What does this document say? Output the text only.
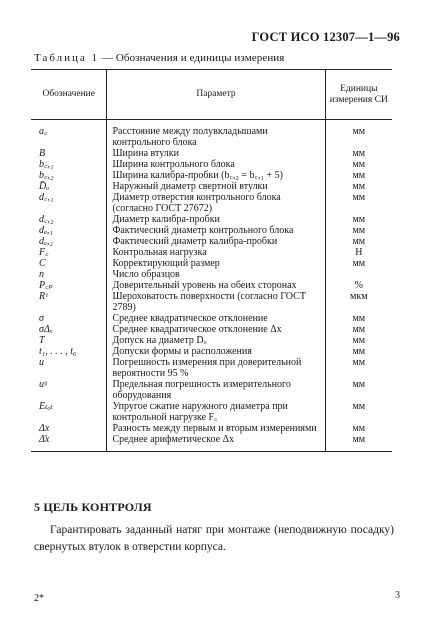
ГОСТ ИСО 12307—1—96
Таблица 1 — Обозначения и единицы измерения
Обозначение	Параметр	Единицы измерения СИ
a꜀	Расстояние между полувкладышами контрольного блока	мм
B	Ширина втулки	мм
b꜀,₁	Ширина контрольного блока	мм
b꜀,₂	Ширина калибра-пробки (b꜀,₂ = b꜀,₁ + 5)	мм
D̄ₒ	Наружный диаметр свертной втулки	мм
d꜀,₁	Диаметр отверстия контрольного блока (согласно ГОСТ 27672)	мм
d꜀,₂	Диаметр калибра-пробки	мм
dₐ,₁	Фактический диаметр контрольного блока	мм
dₐ,₂	Фактический диаметр калибра-пробки	мм
F꜀	Контрольная нагрузка	Н
C	Корректирующий размер	мм
n	Число образцов	
P꜀ₚ	Доверительный уровень на обеих сторонах	%
Rᶻ	Шероховатость поверхности (согласно ГОСТ 2789)	мкм
σ	Среднее квадратическое отклонение	мм
σΔₓ	Среднее квадратическое отклонение Δx	мм
T	Допуск на диаметр Dₒ	мм
t₁, . . . , t₆	Допуски формы и расположения	мм
u	Погрешность измерения при доверительной вероятности 95 %	мм
uᵍ	Предельная погрешность измерительного оборудования	мм
Eₜₒₜ	Упругое сжатие наружного диаметра при контрольной нагрузке F꜀	мм
Δx	Разность между первым и вторым измерениями	мм
Δ̄x	Среднее арифметическое Δx	мм
5 ЦЕЛЬ КОНТРОЛЯ
Гарантировать заданный натяг при монтаже (неподвижную посадку) свернутых втулок в отверстии корпуса.
2*	3
